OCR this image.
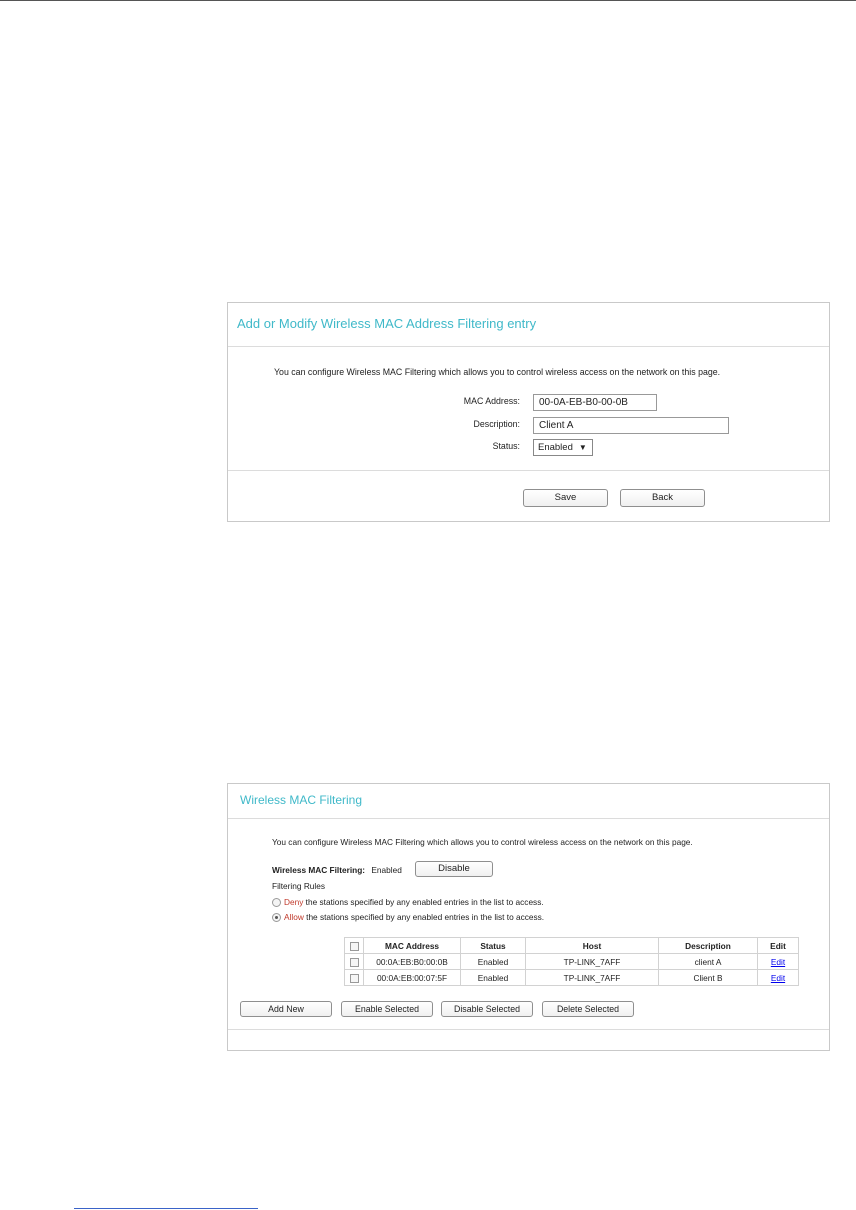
Add or Modify Wireless MAC Address Filtering entry
You can configure Wireless MAC Filtering which allows you to control wireless access on the network on this page.
MAC Address:
00-0A-EB-B0-00-0B
Description:
Client A
Status: Enabled ▼
Save	Back
Wireless MAC Filtering
You can configure Wireless MAC Filtering which allows you to control wireless access on the network on this page.
Wireless MAC Filtering: Enabled	Disable
Filtering Rules
Deny the stations specified by any enabled entries in the list to access.
Allow the stations specified by any enabled entries in the list to access.
	MAC Address	Status	Host	Description	Edit
	00:0A:EB:B0:00:0B	Enabled	TP-LINK_7AFF	client A	Edit
	00:0A:EB:00:07:5F	Enabled	TP-LINK_7AFF	Client B	Edit
Add New	Enable Selected	Disable Selected	Delete Selected
